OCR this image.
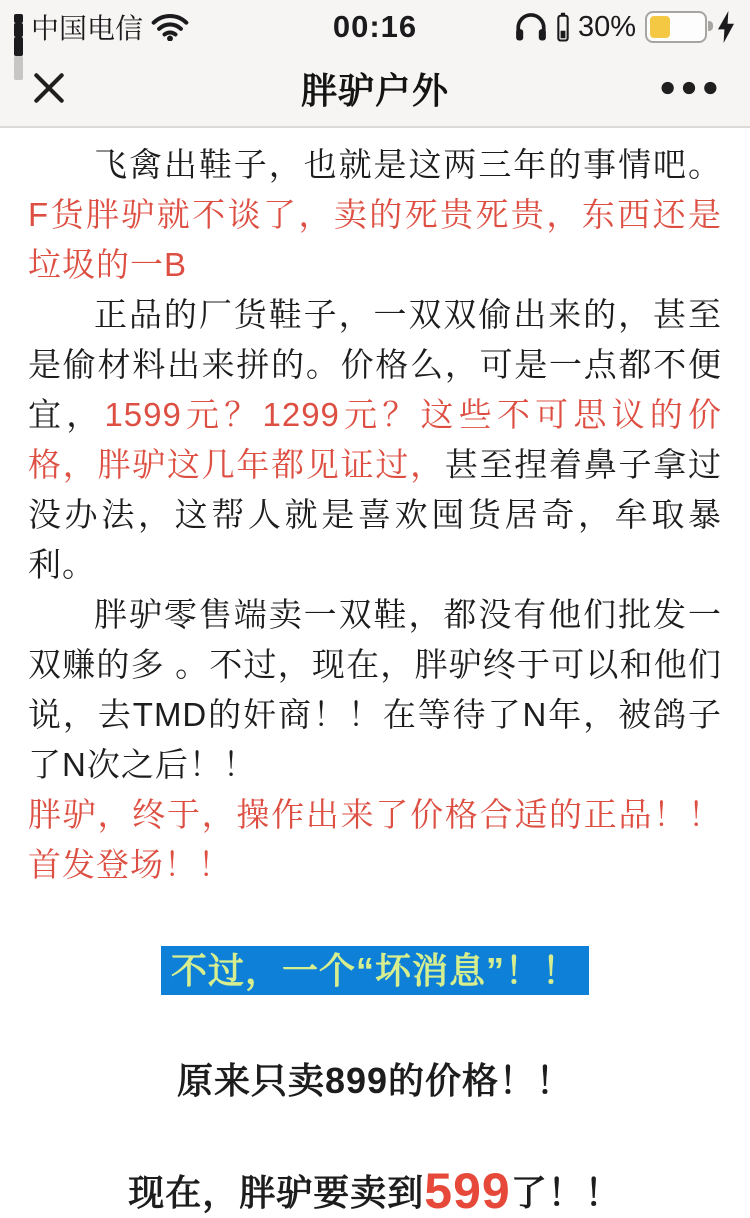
中国电信	00:16	30%
胖驴户外

飞禽出鞋子，也就是这两三年的事情吧。F货胖驴就不谈了，卖的死贵死贵，东西还是垃圾的一B

正品的厂货鞋子，一双双偷出来的，甚至是偷材料出来拼的。价格么，可是一点都不便宜，1599元？1299元？这些不可思议的价格，胖驴这几年都见证过，甚至捏着鼻子拿过 没办法，这帮人就是喜欢囤货居奇，牟取暴利。

胖驴零售端卖一双鞋，都没有他们批发一双赚的多 。不过，现在，胖驴终于可以和他们说，去TMD的奸商！！在等待了N年，被鸽子了N次之后！！

胖驴，终于，操作出来了价格合适的正品！！首发登场！！

不过，一个“坏消息”！！

原来只卖899的价格！！

现在，胖驴要卖到599了！！
